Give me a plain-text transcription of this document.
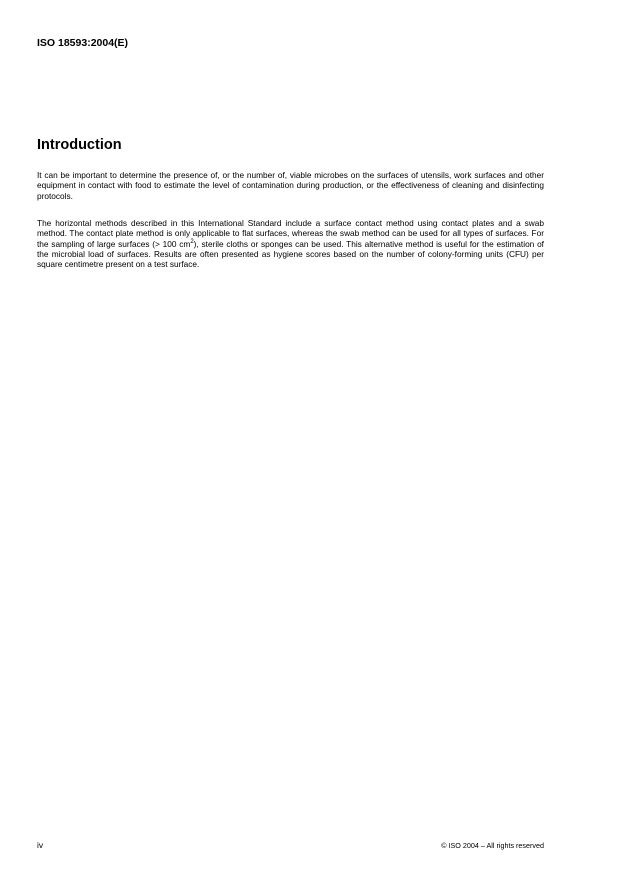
ISO 18593:2004(E)
Introduction

It can be important to determine the presence of, or the number of, viable microbes on the surfaces of utensils, work surfaces and other equipment in contact with food to estimate the level of contamination during production, or the effectiveness of cleaning and disinfecting protocols.

The horizontal methods described in this International Standard include a surface contact method using contact plates and a swab method. The contact plate method is only applicable to flat surfaces, whereas the swab method can be used for all types of surfaces. For the sampling of large surfaces (> 100 $cm^2$), sterile cloths or sponges can be used. This alternative method is useful for the estimation of the microbial load of surfaces. Results are often presented as hygiene scores based on the number of colony-forming units (CFU) per square centimetre present on a test surface.

iv	© ISO 2004 – All rights reserved
